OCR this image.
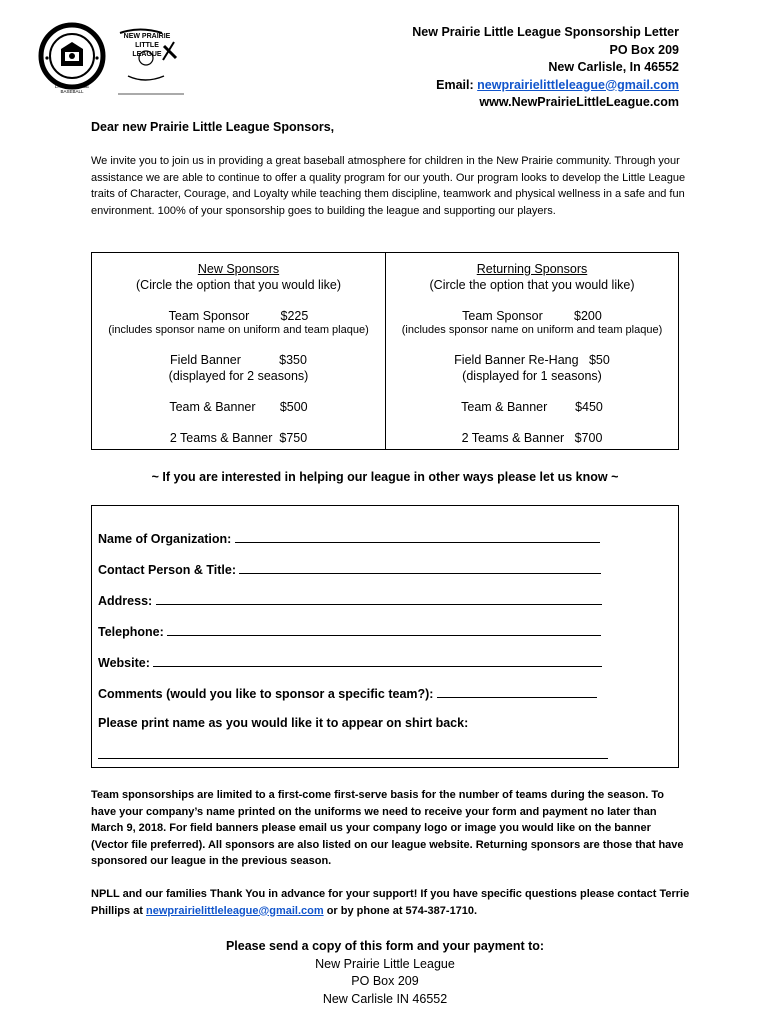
NEW PRAIRIE LITTLE LEAGUE
LITTLE LEAGUE BASEBALL
New Prairie Little League Sponsorship Letter
PO Box 209
New Carlisle, In 46552
Email: newprairielittleleague@gmail.com
www.NewPrairieLittleLeague.com
Dear new Prairie Little League Sponsors,
We invite you to join us in providing a great baseball atmosphere for children in the New Prairie community. Through your assistance we are able to continue to offer a quality program for our youth. Our program looks to develop the Little League traits of Character, Courage, and Loyalty while teaching them discipline, teamwork and physical wellness in a safe and fun environment. 100% of your sponsorship goes to building the league and supporting our players.
New Sponsors
(Circle the option that you would like)
Team Sponsor         $225
(includes sponsor name on uniform and team plaque)
Field Banner           $350
(displayed for 2 seasons)
Team & Banner       $500
2 Teams & Banner  $750
Returning Sponsors
(Circle the option that you would like)
Team Sponsor         $200
(includes sponsor name on uniform and team plaque)
Field Banner Re-Hang   $50
(displayed for 1 seasons)
Team & Banner        $450
2 Teams & Banner   $700
~ If you are interested in helping our league in other ways please let us know ~
Name of Organization:
Contact Person & Title:
Address:
Telephone:
Website:
Comments (would you like to sponsor a specific team?):
Please print name as you would like it to appear on shirt back:
Team sponsorships are limited to a first-come first-serve basis for the number of teams during the season. To have your company’s name printed on the uniforms we need to receive your form and payment no later than March 9, 2018. For field banners please email us your company logo or image you would like on the banner (Vector file preferred). All sponsors are also listed on our league website. Returning sponsors are those that have sponsored our league in the previous season.
NPLL and our families Thank You in advance for your support! If you have specific questions please contact Terrie Phillips at newprairielittleleague@gmail.com or by phone at 574-387-1710.
Please send a copy of this form and your payment to:
New Prairie Little League
PO Box 209
New Carlisle IN 46552
